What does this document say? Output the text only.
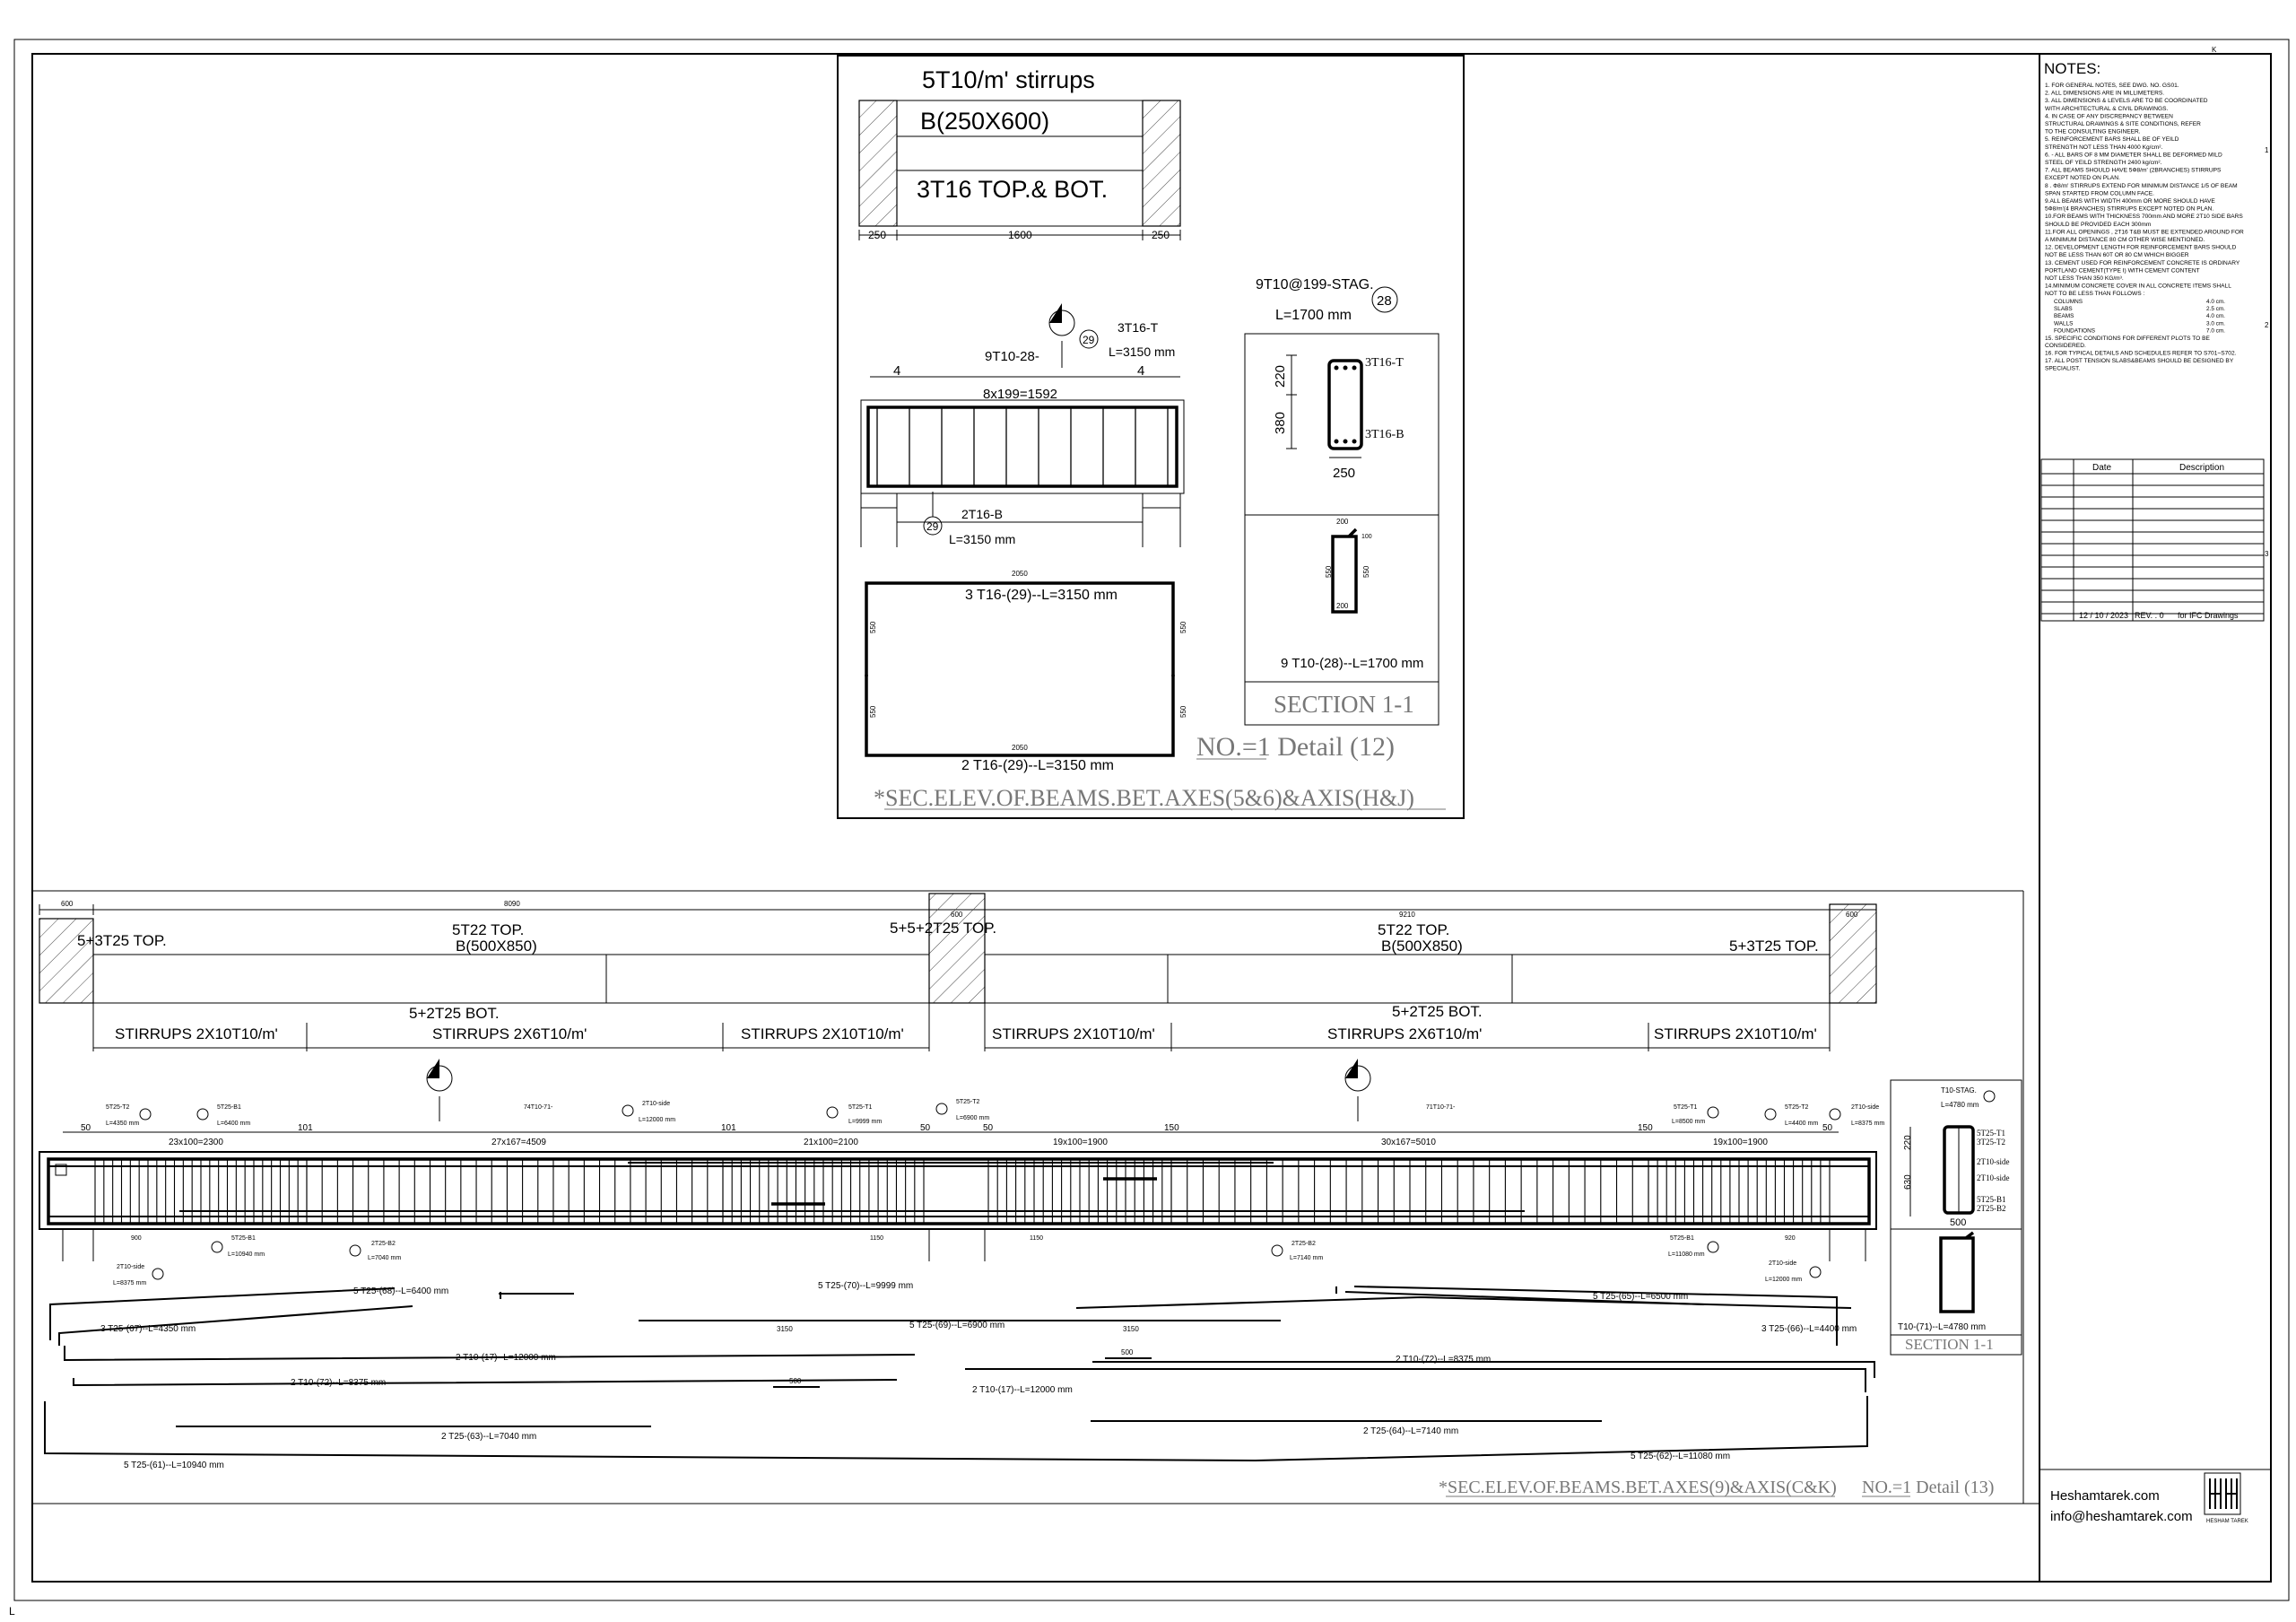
K
1
2
3
L
NOTES:
1. FOR GENERAL NOTES, SEE DWG. NO. GS01.
2. ALL DIMENSIONS ARE IN MILLIMETERS.
3. ALL DIMENSIONS & LEVELS ARE TO BE COORDINATED
WITH ARCHITECTURAL & CIVIL DRAWINGS.
4. IN CASE OF ANY DISCREPANCY BETWEEN
STRUCTURAL DRAWINGS & SITE CONDITIONS, REFER
TO THE CONSULTING ENGINEER.
5. REINFORCEMENT BARS SHALL BE OF YEILD
STRENGTH NOT LESS THAN 4000 Kg/cm².
6. - ALL BARS OF 8 MM DIAMETER SHALL BE DEFORMED MILD
STEEL OF YEILD STRENGTH 2400 kg/cm².
7. ALL BEAMS SHOULD HAVE 5Ф8/m' (2BRANCHES) STIRRUPS
EXCEPT NOTED ON PLAN.
8 . Ф8/m' STIRRUPS EXTEND FOR MINIMUM DISTANCE 1/5 OF BEAM
SPAN STARTED FROM COLUMN FACE.
9.ALL BEAMS WITH WIDTH 400mm OR MORE SHOULD HAVE
5Ф8/m'(4 BRANCHES) STIRRUPS EXCEPT NOTED ON PLAN.
10.FOR BEAMS WITH THICKNESS 700mm AND MORE 2T10 SIDE BARS
SHOULD BE PROVIDED EACH 300mm
11.FOR ALL OPENINGS , 2T16 T&B MUST BE EXTENDED AROUND FOR
A MINIMUM DISTANCE 80 CM OTHER WISE MENTIONED.
12. DEVELOPMENT LENGTH FOR REINFORCEMENT BARS SHOULD
NOT BE LESS THAN 60T OR 80 CM WHICH BIGGER
13. CEMENT USED FOR REINFORCEMENT CONCRETE IS ORDINARY
PORTLAND CEMENT(TYPE I) WITH CEMENT CONTENT
NOT LESS THAN 350 KG/m³.
14.MINIMUM CONCRETE COVER IN ALL CONCRETE ITEMS SHALL
NOT TO BE LESS THAN FOLLOWS :
COLUMNS	4.0 cm.
SLABS	2.5 cm.
BEAMS	4.0 cm.
WALLS	3.0 cm.
FOUNDATIONS	7.0 cm.
15. SPECIFIC CONDITIONS FOR DIFFERENT PLOTS TO BE
CONSIDERED.
16. FOR TYPICAL DETAILS AND SCHEDULES REFER TO S701~S702.
17. ALL POST TENSION SLABS&BEAMS SHOULD BE DESIGNED BY
SPECIALIST.
Date	Description
12 / 10 / 2023 REV. . 0 for IFC Drawings
Heshamtarek.com
info@heshamtarek.com	HESHAM TAREK
5T10/m' stirrups
B(250X600)
3T16 TOP.& BOT.
250	1600	250
3T16-T
29
L=3150 mm
9T10-28-
4	4
8x199=1592
2T16-B
29
L=3150 mm
2050
3 T16-(29)--L=3150 mm
550	550
550	550
2050
2 T16-(29)--L=3150 mm
9T10@199-STAG.
L=1700 mm
28
3T16-T
3T16-B
220
380
250
200
550	550
100
200
9 T10-(28)--L=1700 mm
SECTION 1-1
NO.=1 Detail (12)
*SEC.ELEV.OF.BEAMS.BET.AXES(5&6)&AXIS(H&J)
600	8090
9210
5+3T25 TOP.
5T22 TOP.
B(500X850)
5+5+2T25 TOP.	5T22 TOP.
B(500X850)	5+3T25 TOP.
5+2T25 BOT.	5+2T25 BOT.
STIRRUPS 2X10T10/m'	STIRRUPS 2X6T10/m'	STIRRUPS 2X10T10/m'	STIRRUPS 2X10T10/m'	STIRRUPS 2X6T10/m'	STIRRUPS 2X10T10/m'
5T25-T2
L=4350 mm
5T25-B1
L=6400 mm
74T10-71-
2T10-side
L=12000 mm
5T25-T1
L=9999 mm
5T25-T2
L=6900 mm
71T10-71-	5T25-T1
L=8500 mm
5T25-T2
L=4400 mm
2T10-side
L=8375 mm
50
23x100=2300
101
27x167=4509
101
21x100=2100
50	50
19x100=1900
150
30x167=5010
150
19x100=1900
50
900	1150	1150	920
5T25-B1
L=10940 mm
2T25-B2
L=7040 mm
2T25-B2
L=7140 mm
5T25-B1
L=11080 mm
2T10-side
L=8375 mm
2T10-side
L=12000 mm
5 T25-(68)--L=6400 mm
5 T25-(70)--L=9999 mm
5 T25-(65)--L=6500 mm
3 T25-(67)--L=4350 mm	5 T25-(69)--L=6900 mm	3 T25-(66)--L=4400 mm
2 T10-(17)--L=12000 mm	2 T10-(72)--L=8375 mm
2 T10-(72)--L=8375 mm
2 T10-(17)--L=12000 mm
2 T25-(63)--L=7040 mm
2 T25-(64)--L=7140 mm
5 T25-(61)--L=10940 mm
5 T25-(62)--L=11080 mm
3150	3150
500
500
T10-STAG.
L=4780 mm
5T25-T1
3T25-T2
2T10-side
2T10-side
5T25-B1
2T25-B2
220
630
500
T10-(71)--L=4780 mm
SECTION 1-1
*SEC.ELEV.OF.BEAMS.BET.AXES(9)&AXIS(C&K) NO.=1 Detail (13)
